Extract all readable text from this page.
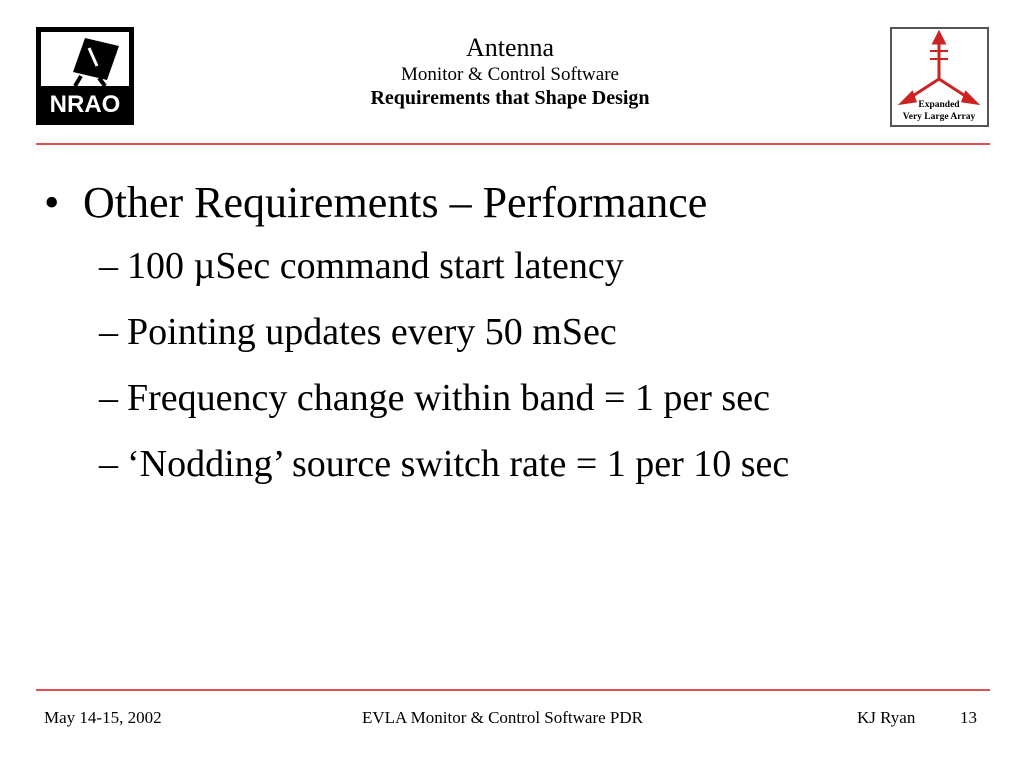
NRAO
Antenna
Monitor & Control Software
Requirements that Shape Design	Expanded
Very Large Array
• Other Requirements – Performance
– 100 µSec command start latency
– Pointing updates every 50 mSec
– Frequency change within band = 1 per sec
– ‘Nodding’ source switch rate = 1 per 10 sec
May 14-15, 2002	EVLA Monitor & Control Software PDR	KJ Ryan	13
